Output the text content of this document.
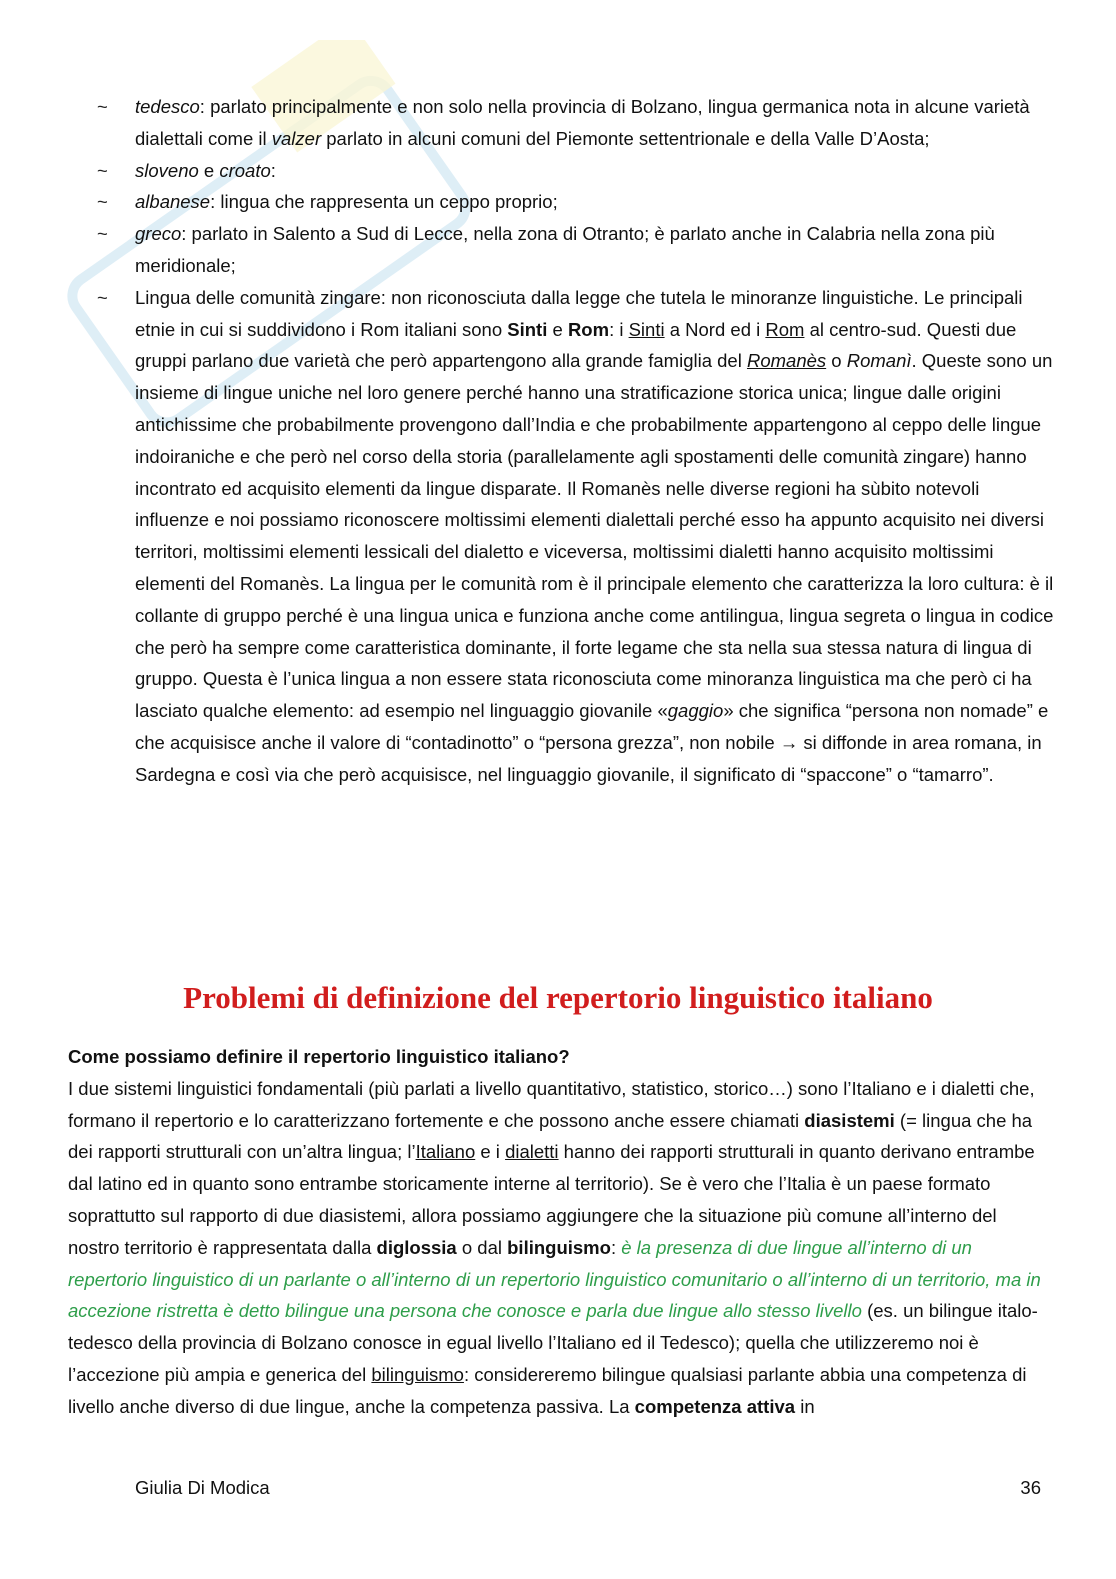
~	tedesco: parlato principalmente e non solo nella provincia di Bolzano, lingua germanica nota in alcune varietà dialettali come il valzer parlato in alcuni comuni del Piemonte settentrionale e della Valle D’Aosta;
~	sloveno e croato:
~	albanese: lingua che rappresenta un ceppo proprio;
~	greco: parlato in Salento a Sud di Lecce, nella zona di Otranto; è parlato anche in Calabria nella zona più meridionale;
~	Lingua delle comunità zingare: non riconosciuta dalla legge che tutela le minoranze linguistiche. Le principali etnie in cui si suddividono i Rom italiani sono Sinti e Rom: i Sinti a Nord ed i Rom al centro-sud. Questi due gruppi parlano due varietà che però appartengono alla grande famiglia del Romanès o Romanì. Queste sono un insieme di lingue uniche nel loro genere perché hanno una stratificazione storica unica; lingue dalle origini antichissime che probabilmente provengono dall’India e che probabilmente appartengono al ceppo delle lingue indoiraniche e che però nel corso della storia (parallelamente agli spostamenti delle comunità zingare) hanno incontrato ed acquisito elementi da lingue disparate. Il Romanès nelle diverse regioni ha sùbito notevoli influenze e noi possiamo riconoscere moltissimi elementi dialettali perché esso ha appunto acquisito nei diversi territori, moltissimi elementi lessicali del dialetto e viceversa, moltissimi dialetti hanno acquisito moltissimi elementi del Romanès. La lingua per le comunità rom è il principale elemento che caratterizza la loro cultura: è il collante di gruppo perché è una lingua unica e funziona anche come antilingua, lingua segreta o lingua in codice che però ha sempre come caratteristica dominante, il forte legame che sta nella sua stessa natura di lingua di gruppo. Questa è l’unica lingua a non essere stata riconosciuta come minoranza linguistica ma che però ci ha lasciato qualche elemento: ad esempio nel linguaggio giovanile «gaggio» che significa “persona non nomade” e che acquisisce anche il valore di “contadinotto” o “persona grezza”, non nobile → si diffonde in area romana, in Sardegna e così via che però acquisisce, nel linguaggio giovanile, il significato di “spaccone” o “tamarro”.
Problemi di definizione del repertorio linguistico italiano

Come possiamo definire il repertorio linguistico italiano?

I due sistemi linguistici fondamentali (più parlati a livello quantitativo, statistico, storico…) sono l’Italiano e i dialetti che, formano il repertorio e lo caratterizzano fortemente e che possono anche essere chiamati diasistemi (= lingua che ha dei rapporti strutturali con un’altra lingua; l’Italiano e i dialetti hanno dei rapporti strutturali in quanto derivano entrambe dal latino ed in quanto sono entrambe storicamente interne al territorio). Se è vero che l’Italia è un paese formato soprattutto sul rapporto di due diasistemi, allora possiamo aggiungere che la situazione più comune all’interno del nostro territorio è rappresentata dalla diglossia o dal bilinguismo: è la presenza di due lingue all’interno di un repertorio linguistico di un parlante o all’interno di un repertorio linguistico comunitario o all’interno di un territorio, ma in accezione ristretta è detto bilingue una persona che conosce e parla due lingue allo stesso livello (es. un bilingue italo-tedesco della provincia di Bolzano conosce in egual livello l’Italiano ed il Tedesco); quella che utilizzeremo noi è l’accezione più ampia e generica del bilinguismo: considereremo bilingue qualsiasi parlante abbia una competenza di livello anche diverso di due lingue, anche la competenza passiva. La competenza attiva in

Giulia Di Modica	36
